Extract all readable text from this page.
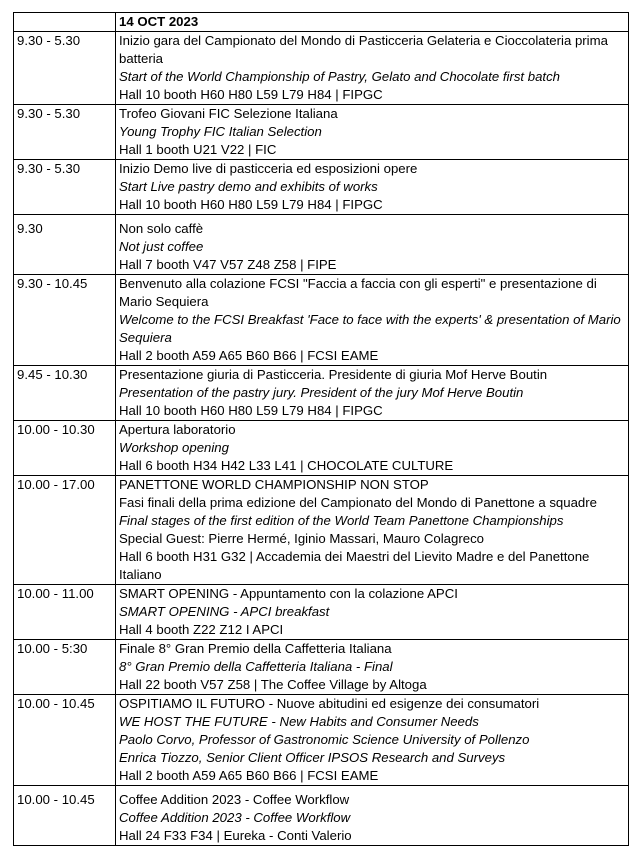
	14 OCT 2023
9.30 - 5.30	Inizio gara del Campionato del Mondo di Pasticceria Gelateria e Cioccolateria prima batteria
Start of the World Championship of Pastry, Gelato and Chocolate first batch
Hall 10 booth H60 H80 L59 L79 H84 | FIPGC

9.30 - 5.30	Trofeo Giovani FIC Selezione Italiana
Young Trophy FIC Italian Selection
Hall 1 booth U21 V22 | FIC

9.30 - 5.30	Inizio Demo live di pasticceria ed esposizioni opere
Start Live pastry demo and exhibits of works
Hall 10 booth H60 H80 L59 L79 H84 | FIPGC

9.30	Non solo caffè
Not just coffee
Hall 7 booth V47 V57 Z48 Z58 | FIPE

9.30 - 10.45	Benvenuto alla colazione FCSI "Faccia a faccia con gli esperti" e presentazione di Mario Sequiera
Welcome to the FCSI Breakfast 'Face to face with the experts' & presentation of Mario Sequiera
Hall 2 booth A59 A65 B60 B66 | FCSI EAME

9.45 - 10.30	Presentazione giuria di Pasticceria. Presidente di giuria Mof Herve Boutin
Presentation of the pastry jury. President of the jury Mof Herve Boutin
Hall 10 booth H60 H80 L59 L79 H84 | FIPGC

10.00 - 10.30	Apertura laboratorio
Workshop opening
Hall 6 booth H34 H42 L33 L41 | CHOCOLATE CULTURE

10.00 - 17.00	PANETTONE WORLD CHAMPIONSHIP NON STOP
Fasi finali della prima edizione del Campionato del Mondo di Panettone a squadre
Final stages of the first edition of the World Team Panettone Championships
Special Guest: Pierre Hermé, Iginio Massari, Mauro Colagreco
Hall 6 booth H31 G32 | Accademia dei Maestri del Lievito Madre e del Panettone Italiano

10.00 - 11.00	SMART OPENING - Appuntamento con la colazione APCI
SMART OPENING - APCI breakfast
Hall 4 booth Z22 Z12 I APCI

10.00 - 5:30	Finale 8° Gran Premio della Caffetteria Italiana
8° Gran Premio della Caffetteria Italiana - Final
Hall 22 booth V57 Z58 | The Coffee Village by Altoga

10.00 - 10.45	OSPITIAMO IL FUTURO - Nuove abitudini ed esigenze dei consumatori
WE HOST THE FUTURE - New Habits and Consumer Needs
Paolo Corvo, Professor of Gastronomic Science University of Pollenzo
Enrica Tiozzo, Senior Client Officer IPSOS Research and Surveys
Hall 2 booth A59 A65 B60 B66 | FCSI EAME

10.00 - 10.45	Coffee Addition 2023 - Coffee Workflow
Coffee Addition 2023 - Coffee Workflow
Hall 24 F33 F34 | Eureka - Conti Valerio
